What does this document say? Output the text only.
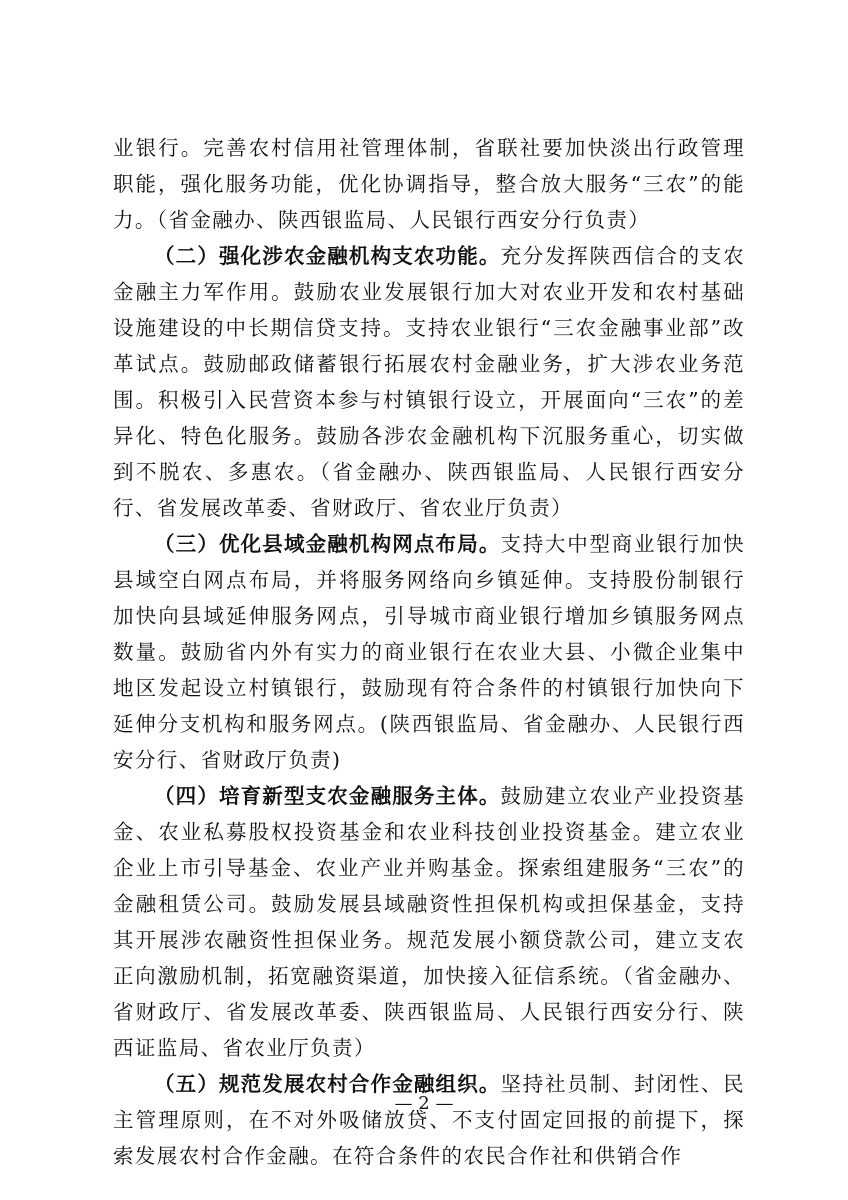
业银行。完善农村信用社管理体制，省联社要加快淡出行政管理职能，强化服务功能，优化协调指导，整合放大服务“三农”的能力。（省金融办、陕西银监局、人民银行西安分行负责）

（二）强化涉农金融机构支农功能。充分发挥陕西信合的支农金融主力军作用。鼓励农业发展银行加大对农业开发和农村基础设施建设的中长期信贷支持。支持农业银行“三农金融事业部”改革试点。鼓励邮政储蓄银行拓展农村金融业务，扩大涉农业务范围。积极引入民营资本参与村镇银行设立，开展面向“三农”的差异化、特色化服务。鼓励各涉农金融机构下沉服务重心，切实做到不脱农、多惠农。（省金融办、陕西银监局、人民银行西安分行、省发展改革委、省财政厅、省农业厅负责）

（三）优化县域金融机构网点布局。支持大中型商业银行加快县域空白网点布局，并将服务网络向乡镇延伸。支持股份制银行加快向县域延伸服务网点，引导城市商业银行增加乡镇服务网点数量。鼓励省内外有实力的商业银行在农业大县、小微企业集中地区发起设立村镇银行，鼓励现有符合条件的村镇银行加快向下延伸分支机构和服务网点。(陕西银监局、省金融办、人民银行西安分行、省财政厅负责)

（四）培育新型支农金融服务主体。鼓励建立农业产业投资基金、农业私募股权投资基金和农业科技创业投资基金。建立农业企业上市引导基金、农业产业并购基金。探索组建服务“三农”的金融租赁公司。鼓励发展县域融资性担保机构或担保基金，支持其开展涉农融资性担保业务。规范发展小额贷款公司，建立支农正向激励机制，拓宽融资渠道，加快接入征信系统。（省金融办、省财政厅、省发展改革委、陕西银监局、人民银行西安分行、陕西证监局、省农业厅负责）

（五）规范发展农村合作金融组织。坚持社员制、封闭性、民主管理原则，在不对外吸储放贷、不支付固定回报的前提下，探索发展农村合作金融。在符合条件的农民合作社和供销合作

— 2 —
